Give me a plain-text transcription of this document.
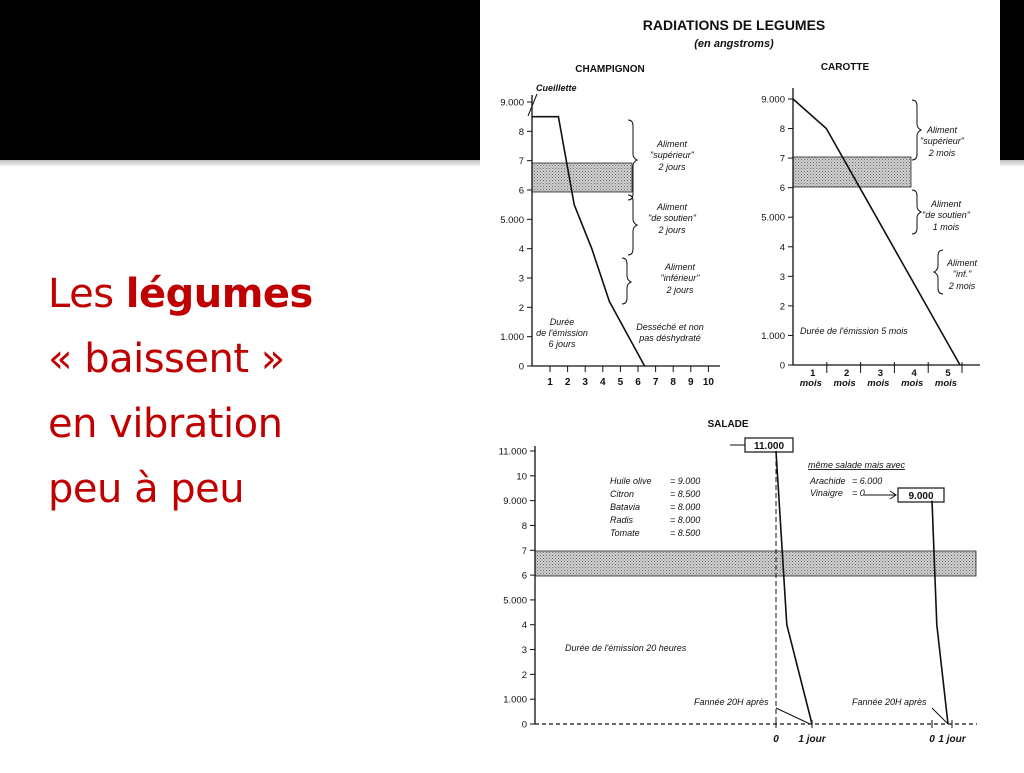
Les légumes
« baissent »
en vibration
peu à peu
RADIATIONS DE LEGUMES
(en angstroms)
CHAMPIGNON
0
1.000
2
3
4
5.000
6
7
8
9.000
1 2 3 4 5 6 7 8 9 10
Cueillette
Aliment
"supérieur"
2 jours
Aliment
"de soutien"
2 jours
Aliment
"inférieur"
2 jours
Durée
de l'émission
6 jours
Desséché et non
pas déshydraté
CAROTTE
0
1.000
2
3
4
5.000
6
7
8
9.000
1
mois
2
mois
3
mois
4
mois
5
mois
Aliment
"supérieur"
2 mois
Aliment
"de soutien"
1 mois
Aliment
"inf."
2 mois
Durée de l'émission 5 mois
SALADE
0
1.000
2
3
4
5.000
6
7
8
9.000
10
11.000	11.000
9.000
Huile olive = 9.000
Citron	= 8.500
Batavia	= 8.000
Radis	= 8.000
Tomate	= 8.500
même salade mais avec
Arachide = 6.000
Vinaigre = 0
Durée de l'émission 20 heures
Fannée 20H après	Fannée 20H après
0 1 jour	0 1 jour
